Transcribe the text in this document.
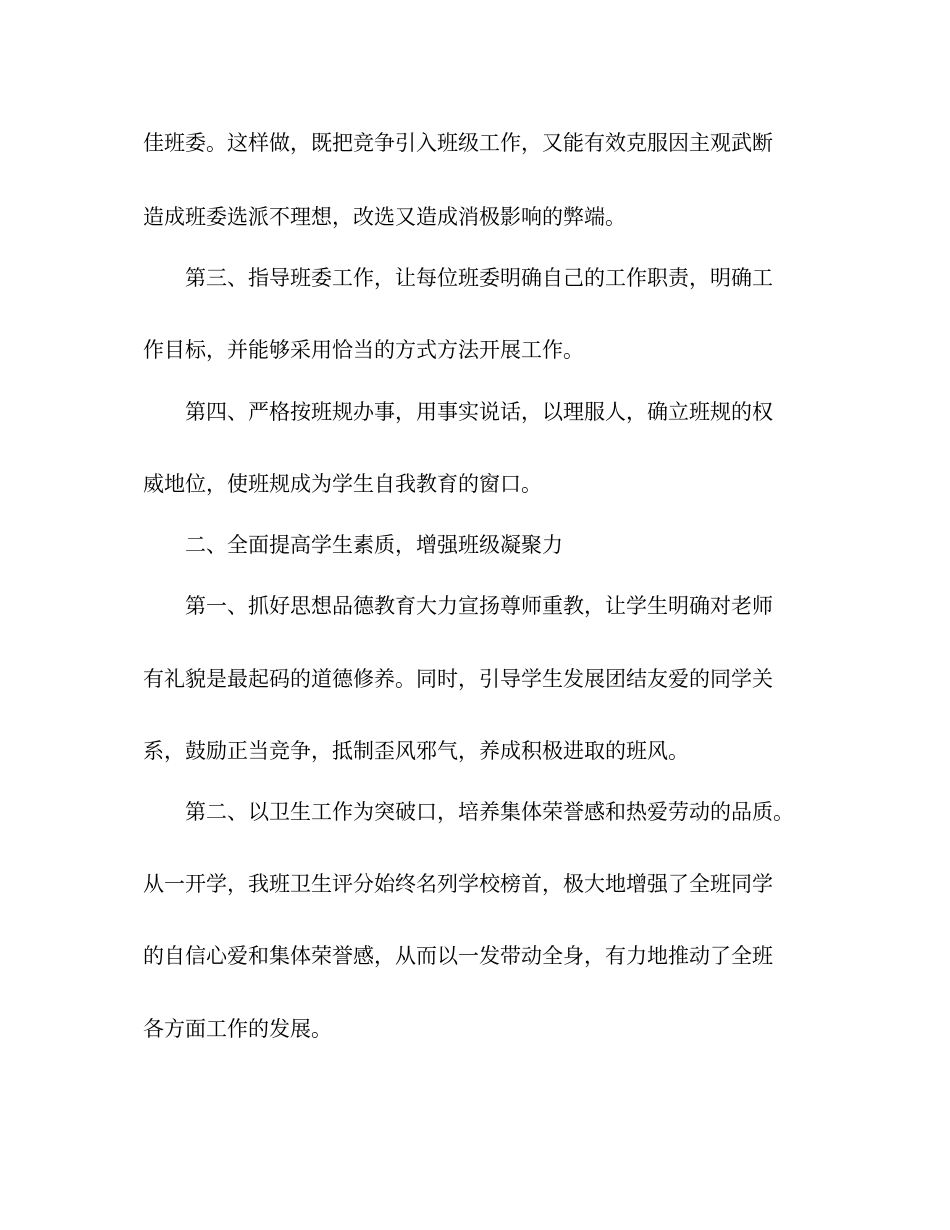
佳班委。这样做，既把竞争引入班级工作，又能有效克服因主观武断
造成班委选派不理想，改选又造成消极影响的弊端。
第三、指导班委工作，让每位班委明确自己的工作职责，明确工
作目标，并能够采用恰当的方式方法开展工作。
第四、严格按班规办事，用事实说话，以理服人，确立班规的权
威地位，使班规成为学生自我教育的窗口。
二、全面提高学生素质，增强班级凝聚力
第一、抓好思想品德教育大力宣扬尊师重教，让学生明确对老师
有礼貌是最起码的道德修养。同时，引导学生发展团结友爱的同学关
系，鼓励正当竞争，抵制歪风邪气，养成积极进取的班风。
第二、以卫生工作为突破口，培养集体荣誉感和热爱劳动的品质。
从一开学，我班卫生评分始终名列学校榜首，极大地增强了全班同学
的自信心爱和集体荣誉感，从而以一发带动全身，有力地推动了全班
各方面工作的发展。
